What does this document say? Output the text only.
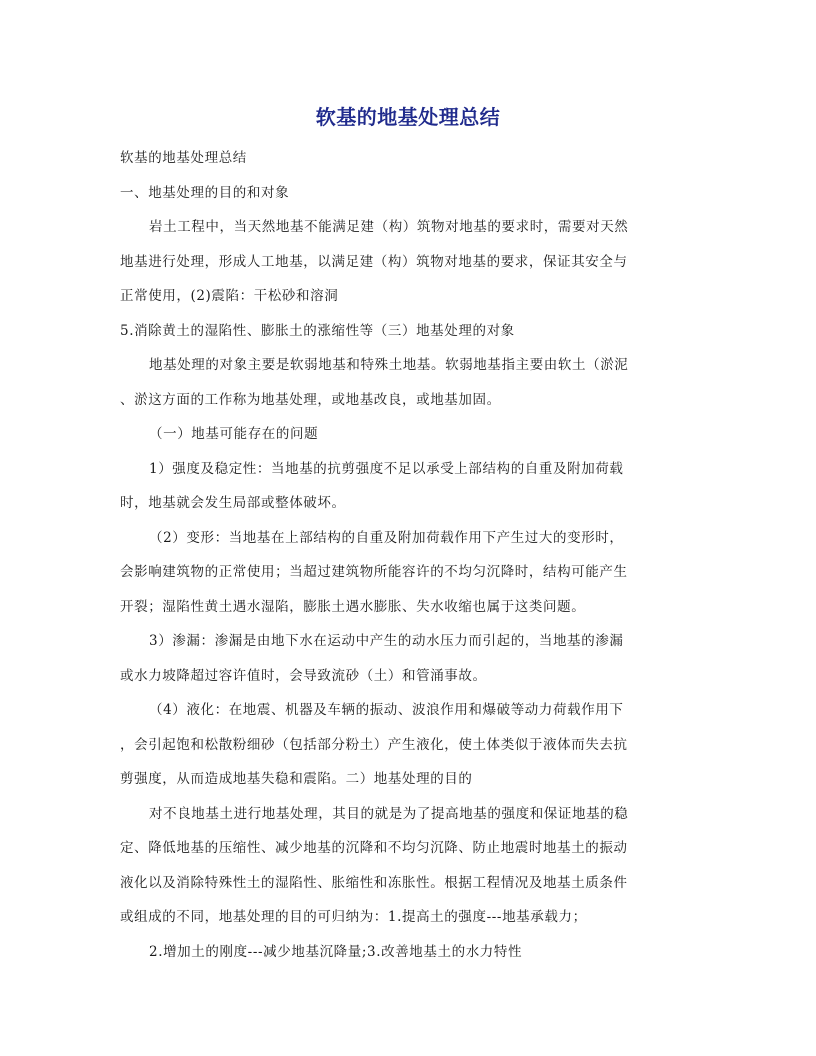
软基的地基处理总结

软基的地基处理总结

一、地基处理的目的和对象

岩土工程中，当天然地基不能满足建（构）筑物对地基的要求时，需要对天然
地基进行处理，形成人工地基，以满足建（构）筑物对地基的要求，保证其安全与
正常使用，(2)震陷：干松砂和溶洞

5.消除黄土的湿陷性、膨胀土的涨缩性等（三）地基处理的对象

地基处理的对象主要是软弱地基和特殊土地基。软弱地基指主要由软土（淤泥
、淤这方面的工作称为地基处理，或地基改良，或地基加固。

（一）地基可能存在的问题

1）强度及稳定性：当地基的抗剪强度不足以承受上部结构的自重及附加荷载
时，地基就会发生局部或整体破坏。

（2）变形：当地基在上部结构的自重及附加荷载作用下产生过大的变形时，
会影响建筑物的正常使用；当超过建筑物所能容许的不均匀沉降时，结构可能产生
开裂；湿陷性黄土遇水湿陷，膨胀土遇水膨胀、失水收缩也属于这类问题。

3）渗漏：渗漏是由地下水在运动中产生的动水压力而引起的，当地基的渗漏
或水力坡降超过容许值时，会导致流砂（土）和管涌事故。

（4）液化：在地震、机器及车辆的振动、波浪作用和爆破等动力荷载作用下
，会引起饱和松散粉细砂（包括部分粉土）产生液化，使土体类似于液体而失去抗
剪强度，从而造成地基失稳和震陷。二）地基处理的目的

对不良地基土进行地基处理，其目的就是为了提高地基的强度和保证地基的稳
定、降低地基的压缩性、减少地基的沉降和不均匀沉降、防止地震时地基土的振动
液化以及消除特殊性土的湿陷性、胀缩性和冻胀性。根据工程情况及地基土质条件
或组成的不同，地基处理的目的可归纳为：1.提高土的强度---地基承载力；

2.增加土的刚度---减少地基沉降量;3.改善地基土的水力特性
